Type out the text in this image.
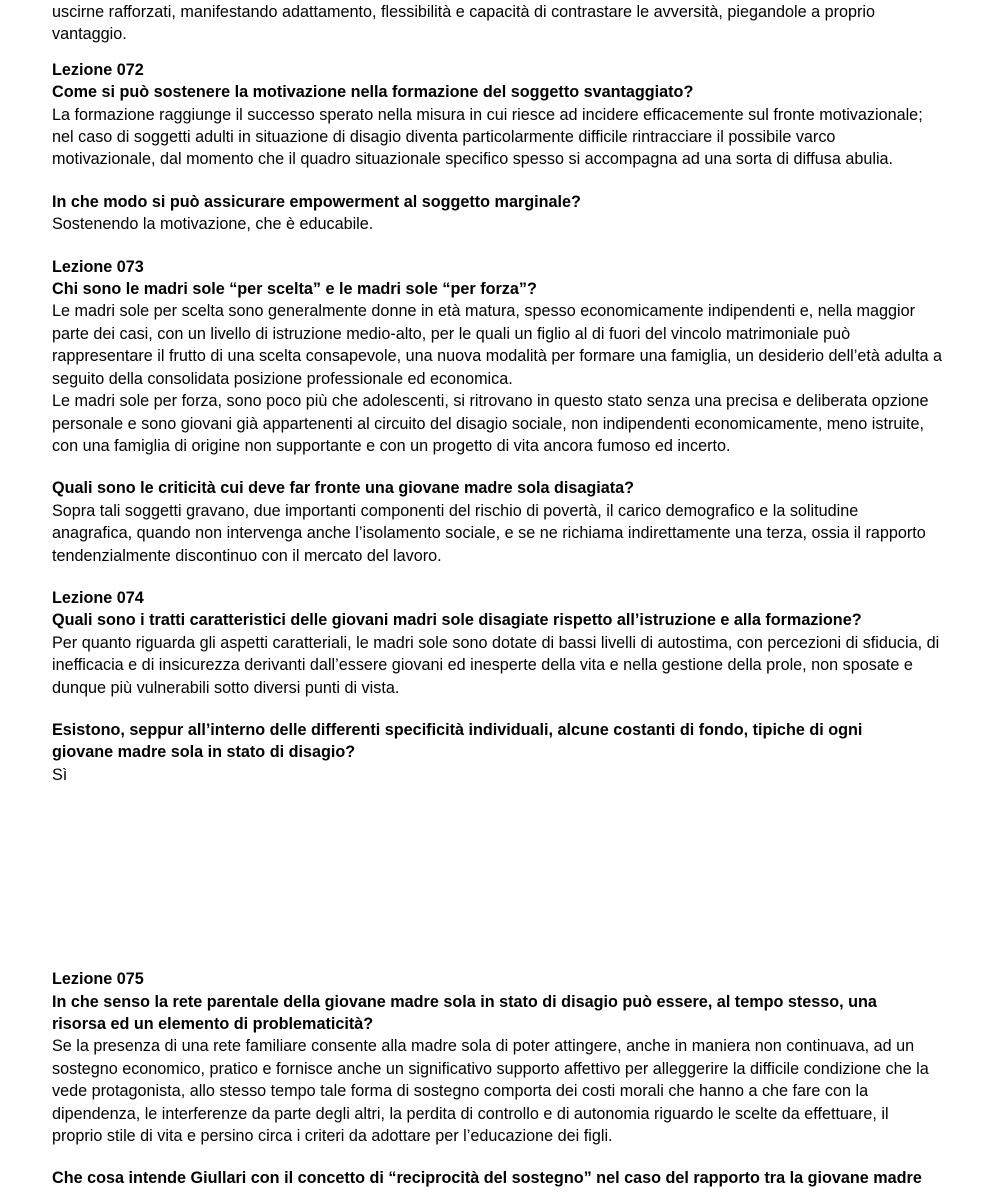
uscirne rafforzati, manifestando adattamento, flessibilità e capacità di contrastare le avversità, piegandole a proprio vantaggio.

Lezione 072

Come si può sostenere la motivazione nella formazione del soggetto svantaggiato?

La formazione raggiunge il successo sperato nella misura in cui riesce ad incidere efficacemente sul fronte motivazionale; nel caso di soggetti adulti in situazione di disagio diventa particolarmente difficile rintracciare il possibile varco motivazionale, dal momento che il quadro situazionale specifico spesso si accompagna ad una sorta di diffusa abulia.

In che modo si può assicurare empowerment al soggetto marginale?

Sostenendo la motivazione, che è educabile.

Lezione 073

Chi sono le madri sole “per scelta” e le madri sole “per forza”?

Le madri sole per scelta sono generalmente donne in età matura, spesso economicamente indipendenti e, nella maggior parte dei casi, con un livello di istruzione medio-alto, per le quali un figlio al di fuori del vincolo matrimoniale può rappresentare il frutto di una scelta consapevole, una nuova modalità per formare una famiglia, un desiderio dell’età adulta a seguito della consolidata posizione professionale ed economica.

Le madri sole per forza, sono poco più che adolescenti, si ritrovano in questo stato senza una precisa e deliberata opzione personale e sono giovani già appartenenti al circuito del disagio sociale, non indipendenti economicamente, meno istruite, con una famiglia di origine non supportante e con un progetto di vita ancora fumoso ed incerto.

Quali sono le criticità cui deve far fronte una giovane madre sola disagiata?

Sopra tali soggetti gravano, due importanti componenti del rischio di povertà, il carico demografico e la solitudine anagrafica, quando non intervenga anche l’isolamento sociale, e se ne richiama indirettamente una terza, ossia il rapporto tendenzialmente discontinuo con il mercato del lavoro.

Lezione 074

Quali sono i tratti caratteristici delle giovani madri sole disagiate rispetto all’istruzione e alla formazione?

Per quanto riguarda gli aspetti caratteriali, le madri sole sono dotate di bassi livelli di autostima, con percezioni di sfiducia, di inefficacia e di insicurezza derivanti dall’essere giovani ed inesperte della vita e nella gestione della prole, non sposate e dunque più vulnerabili sotto diversi punti di vista.

Esistono, seppur all’interno delle differenti specificità individuali, alcune costanti di fondo, tipiche di ogni giovane madre sola in stato di disagio?

Sì

Lezione 075

In che senso la rete parentale della giovane madre sola in stato di disagio può essere, al tempo stesso, una risorsa ed un elemento di problematicità?

Se la presenza di una rete familiare consente alla madre sola di poter attingere, anche in maniera non continuava, ad un sostegno economico, pratico e fornisce anche un significativo supporto affettivo per alleggerire la difficile condizione che la vede protagonista, allo stesso tempo tale forma di sostegno comporta dei costi morali che hanno a che fare con la dipendenza, le interferenze da parte degli altri, la perdita di controllo e di autonomia riguardo le scelte da effettuare, il proprio stile di vita e persino circa i criteri da adottare per l’educazione dei figli.

Che cosa intende Giullari con il concetto di “reciprocità del sostegno” nel caso del rapporto tra la giovane madre
